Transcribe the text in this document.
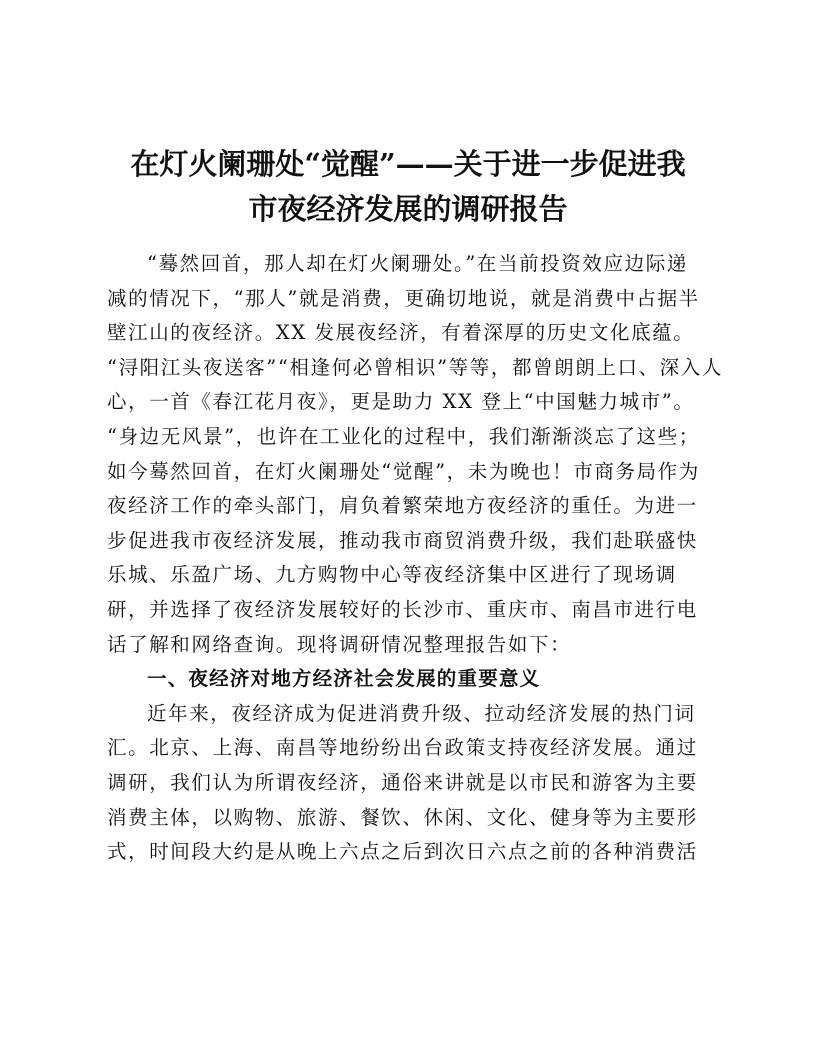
在灯火阑珊处“觉醒”——关于进一步促进我
市夜经济发展的调研报告

“蓦然回首，那人却在灯火阑珊处。”在当前投资效应边际递

减的情况下，“那人”就是消费，更确切地说，就是消费中占据半

壁江山的夜经济。XX 发展夜经济，有着深厚的历史文化底蕴。

“浔阳江头夜送客”“相逢何必曾相识”等等，都曾朗朗上口、深入人

心，一首《春江花月夜》，更是助力 XX 登上“中国魅力城市”。

“身边无风景”，也许在工业化的过程中，我们渐渐淡忘了这些；

如今蓦然回首，在灯火阑珊处“觉醒”，未为晚也！市商务局作为

夜经济工作的牵头部门，肩负着繁荣地方夜经济的重任。为进一

步促进我市夜经济发展，推动我市商贸消费升级，我们赴联盛快

乐城、乐盈广场、九方购物中心等夜经济集中区进行了现场调

研，并选择了夜经济发展较好的长沙市、重庆市、南昌市进行电

话了解和网络查询。现将调研情况整理报告如下：

一、夜经济对地方经济社会发展的重要意义

近年来，夜经济成为促进消费升级、拉动经济发展的热门词

汇。北京、上海、南昌等地纷纷出台政策支持夜经济发展。通过

调研，我们认为所谓夜经济，通俗来讲就是以市民和游客为主要

消费主体，以购物、旅游、餐饮、休闲、文化、健身等为主要形

式，时间段大约是从晚上六点之后到次日六点之前的各种消费活
